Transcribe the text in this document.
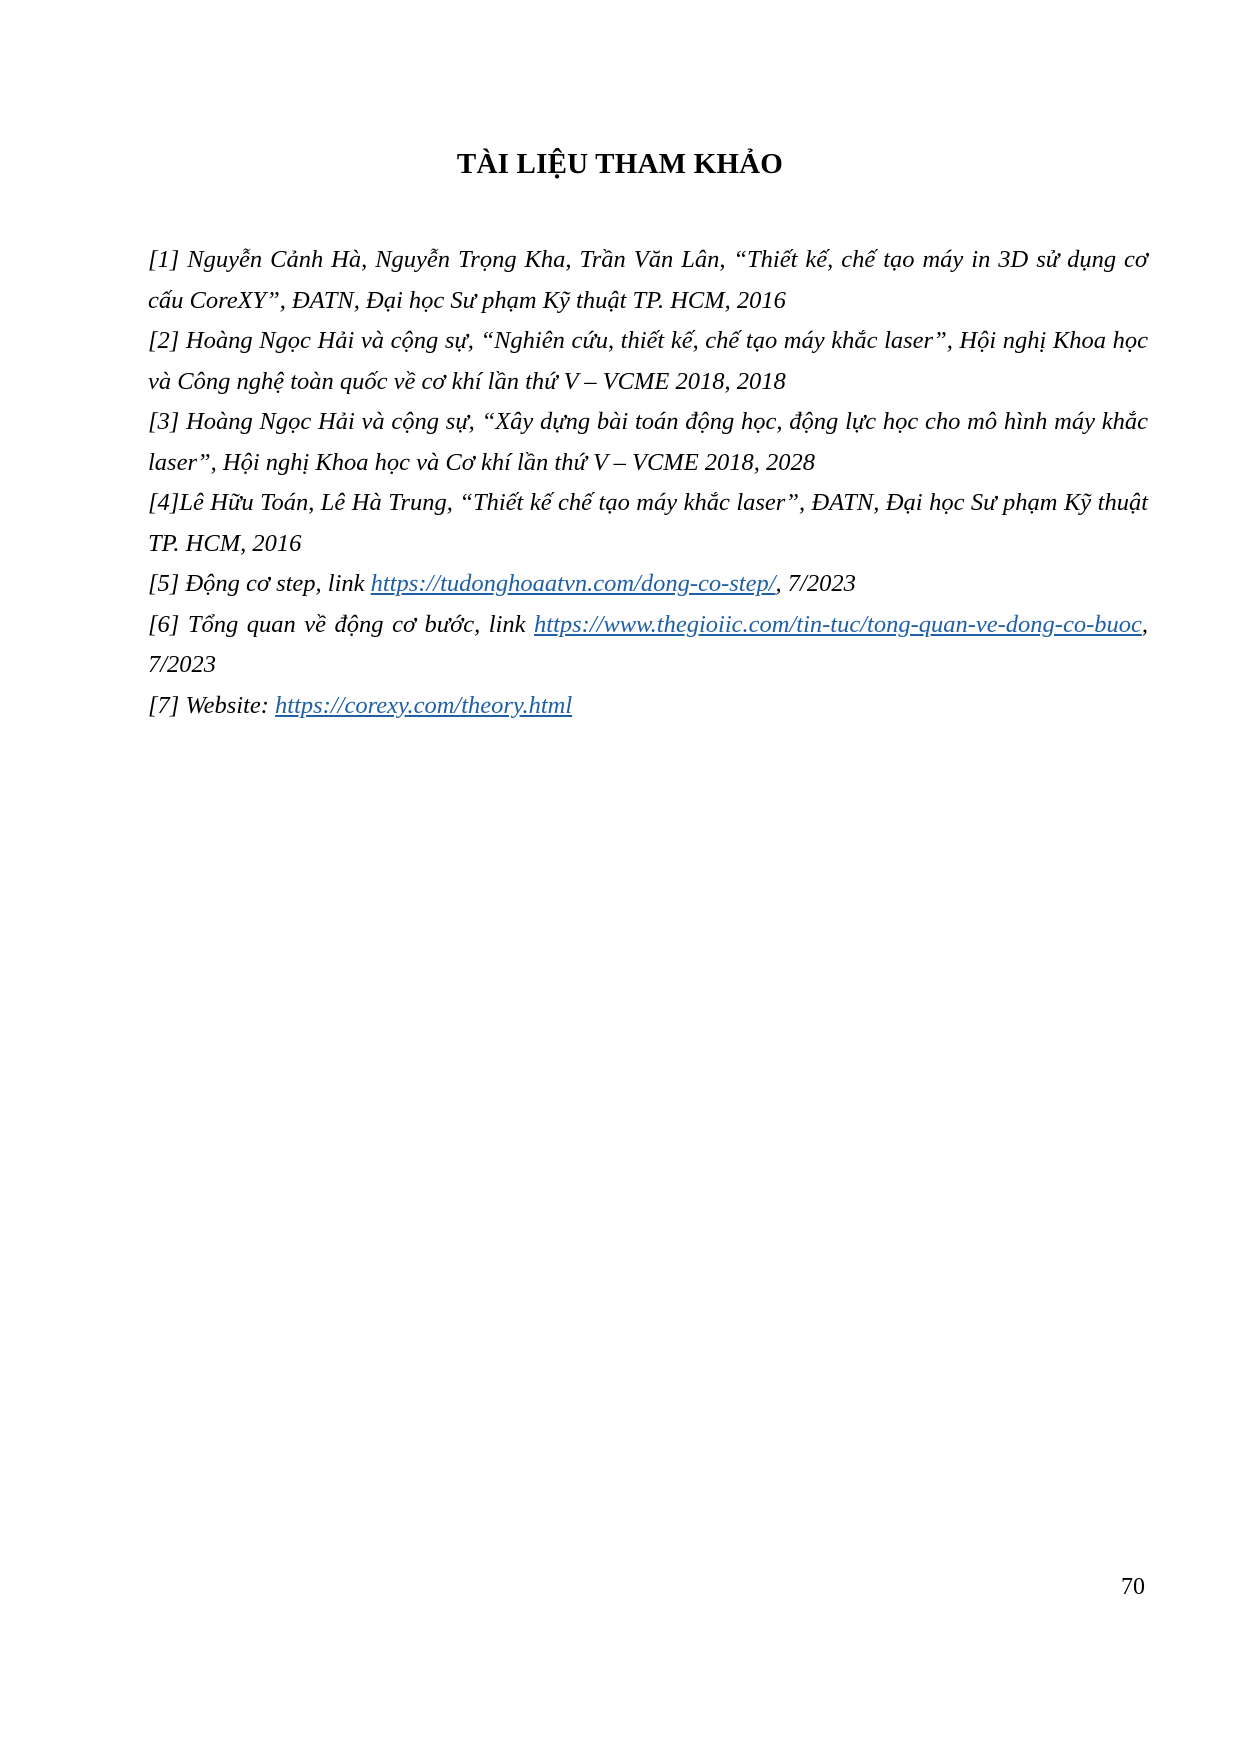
TÀI LIỆU THAM KHẢO
[1] Nguyễn Cảnh Hà, Nguyễn Trọng Kha, Trần Văn Lân, “Thiết kế, chế tạo máy in 3D sử dụng cơ cấu CoreXY”, ĐATN, Đại học Sư phạm Kỹ thuật TP. HCM, 2016
[2] Hoàng Ngọc Hải và cộng sự, “Nghiên cứu, thiết kế, chế tạo máy khắc laser”, Hội nghị Khoa học và Công nghệ toàn quốc về cơ khí lần thứ V – VCME 2018, 2018
[3] Hoàng Ngọc Hải và cộng sự, “Xây dựng bài toán động học, động lực học cho mô hình máy khắc laser”, Hội nghị Khoa học và Cơ khí lần thứ V – VCME 2018, 2028
[4]Lê Hữu Toán, Lê Hà Trung, “Thiết kế chế tạo máy khắc laser”, ĐATN, Đại học Sư phạm Kỹ thuật TP. HCM, 2016
[5] Động cơ step, link https://tudonghoaatvn.com/dong-co-step/, 7/2023
[6] Tổng quan về động cơ bước, link https://www.thegioiic.com/tin-tuc/tong-quan-ve-dong-co-buoc, 7/2023
[7] Website: https://corexy.com/theory.html
70
